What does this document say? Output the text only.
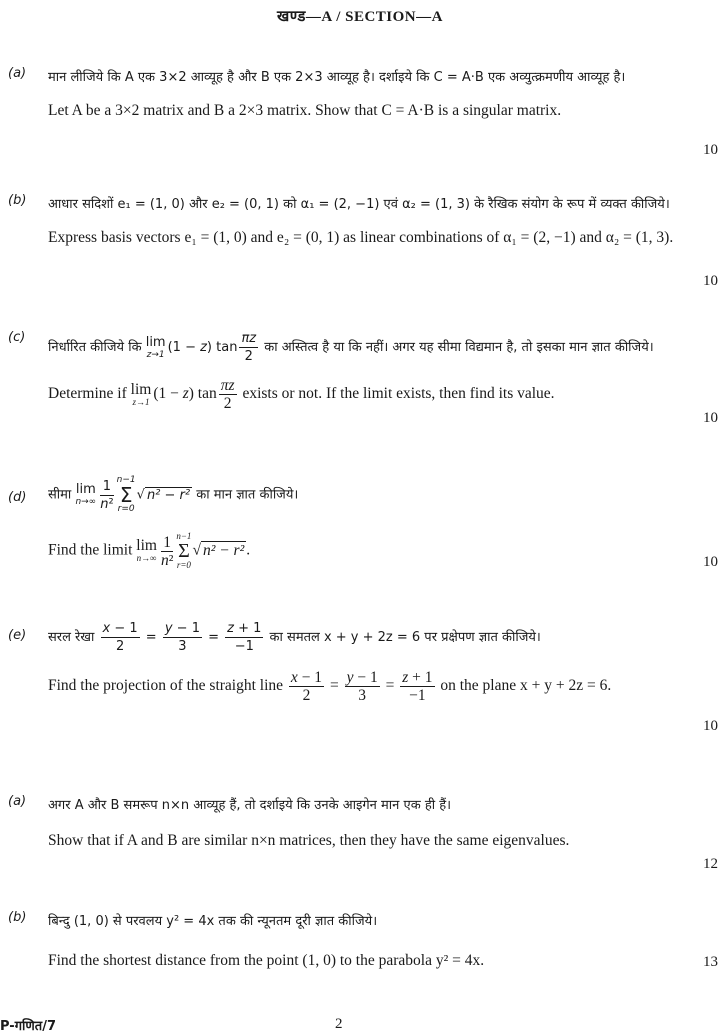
खण्ड—A / SECTION—A
(a) मान लीजिये कि A एक 3×2 आव्यूह है और B एक 2×3 आव्यूह है। दर्शाइये कि C = A·B एक अव्युत्क्रमणीय आव्यूह है।
Let A be a 3×2 matrix and B a 2×3 matrix. Show that C = A·B is a singular matrix.
10
(b) आधार सदिशों e₁ = (1, 0) और e₂ = (0, 1) को α₁ = (2, −1) एवं α₂ = (1, 3) के रैखिक संयोग के रूप में व्यक्त कीजिये।
Express basis vectors e₁ = (1, 0) and e₂ = (0, 1) as linear combinations of α₁ = (2, −1) and α₂ = (1, 3).
10
(c)
निर्धारित कीजिये कि lim
z→1 (1 − z) $\tan \frac{\pi z}{2}$ का अस्तित्व है या कि नहीं। अगर यह सीमा विद्यमान है, तो इसका मान ज्ञात कीजिये।
Determine if lim
z→1 (1 − z) $\tan \frac{\pi z}{2}$ exists or not. If the limit exists, then find its value.
10
(d) सीमा lim
$n\to\infty \frac{1}{\text{n²}} n-1$
Σ
r=0
√ n² − r² का मान ज्ञात कीजिये।
Find the limit lim
$n\to\infty \frac{1}{\text{n²}} n-1$
Σ
r=0
√ n² − r² .
10
(e) सरल रेखा $\frac{x - 1}{2} = \frac{y - 1}{3} = \frac{z + 1}{-1}$ का समतल x + y + 2z = 6 पर प्रक्षेपण ज्ञात कीजिये।
Find the projection of the straight line $\frac{x - 1}{2} = \frac{y - 1}{3} = \frac{z + 1}{-1}$ on the plane x + y + 2z = 6.
10
(a) अगर A और B समरूप n×n आव्यूह हैं, तो दर्शाइये कि उनके आइगेन मान एक ही हैं।
Show that if A and B are similar n×n matrices, then they have the same eigenvalues.
12
(b) बिन्दु (1, 0) से परवलय y² = 4x तक की न्यूनतम दूरी ज्ञात कीजिये।
Find the shortest distance from the point (1, 0) to the parabola y² = 4x.	13
P-गणित/7	2
